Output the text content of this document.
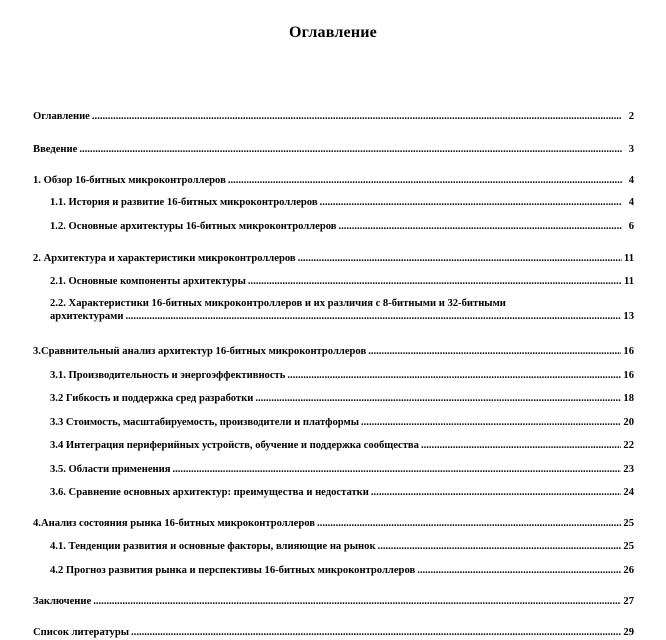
Оглавление
Оглавление .....	2
Введение .....	3
1. Обзор 16-битных микроконтроллеров .....	4
1.1. История и развитие 16-битных микроконтроллеров .....	4
1.2. Основные архитектуры 16-битных микроконтроллеров .....	6
2. Архитектура и характеристики микроконтроллеров .....	11
2.1. Основные компоненты архитектуры .....	11
2.2. Характеристики 16-битных микроконтроллеров и их различия с 8-битными и 32-битными
архитектурами .....	13
3.Сравнительный анализ архитектур 16-битных микроконтроллеров .....	16
3.1. Производительность и энергоэффективность .....	16
3.2 Гибкость и поддержка сред разработки .....	18
3.3 Стоимость, масштабируемость, производители и платформы .....	20
3.4 Интеграция периферийных устройств, обучение и поддержка сообщества .....	22
3.5. Области применения .....	23
3.6. Сравнение основных архитектур: преимущества и недостатки .....	24
4.Анализ состояния рынка 16-битных микроконтроллеров .....	25
4.1. Тенденции развития и основные факторы, влияющие на рынок .....	25
4.2 Прогноз развития рынка и перспективы 16-битных микроконтроллеров .....	26
Заключение .....	27
Список литературы .....	29
